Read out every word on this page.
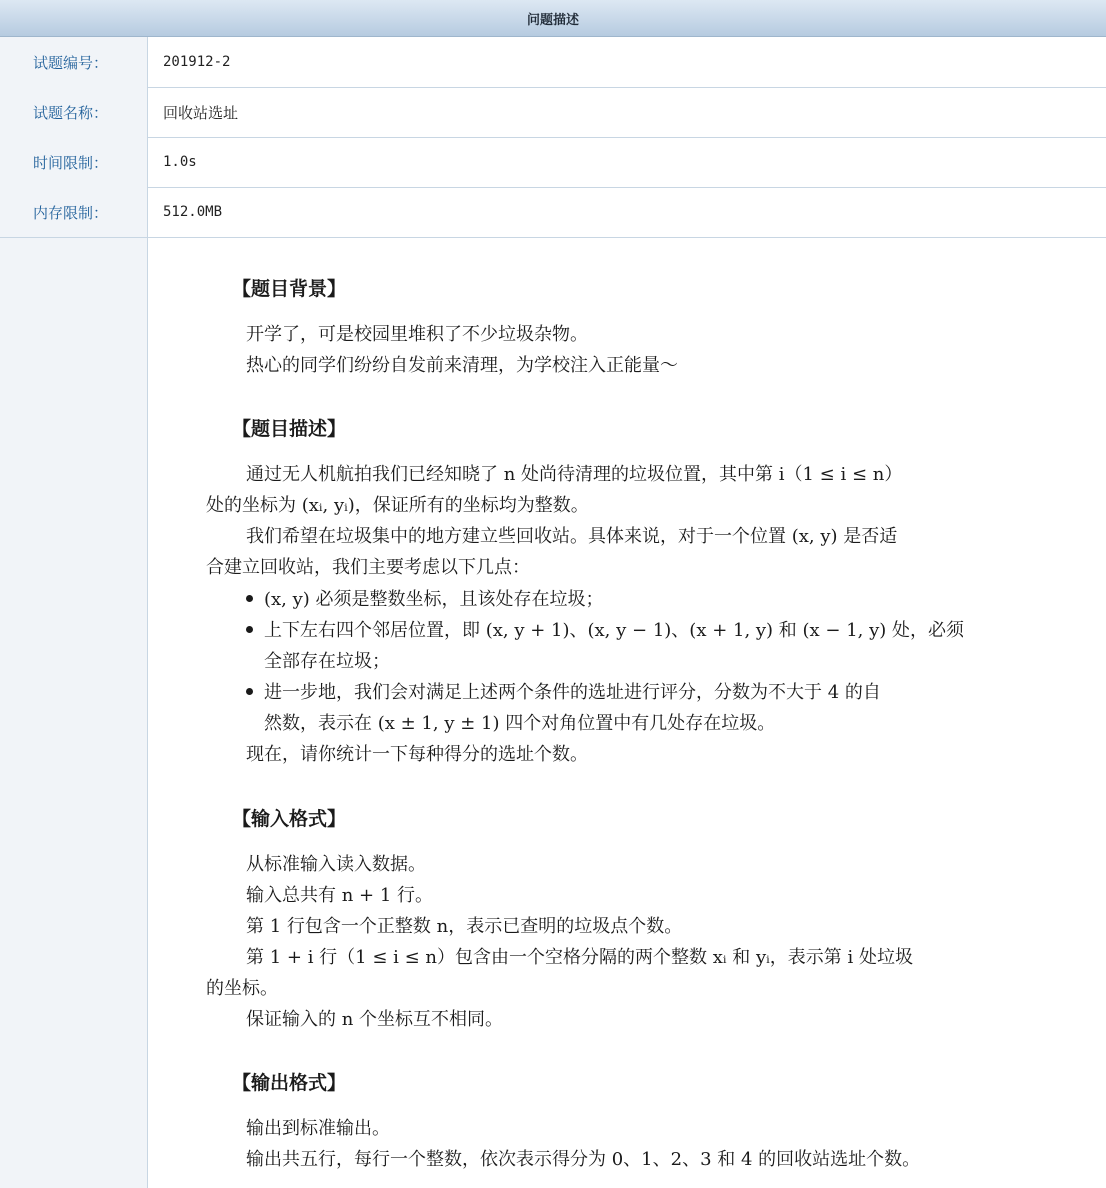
问题描述
试题编号：	201912-2
试题名称：	回收站选址
时间限制：	1.0s
内存限制：	512.0MB
【题目背景】
开学了，可是校园里堆积了不少垃圾杂物。
热心的同学们纷纷自发前来清理，为学校注入正能量～
【题目描述】
通过无人机航拍我们已经知晓了 n 处尚待清理的垃圾位置，其中第 i（1 ≤ i ≤ n）
处的坐标为 (xᵢ, yᵢ)，保证所有的坐标均为整数。
我们希望在垃圾集中的地方建立些回收站。具体来说，对于一个位置 (x, y) 是否适
合建立回收站，我们主要考虑以下几点：
(x, y) 必须是整数坐标，且该处存在垃圾；
上下左右四个邻居位置，即 (x, y + 1)、(x, y − 1)、(x + 1, y) 和 (x − 1, y) 处，必须
全部存在垃圾；
进一步地，我们会对满足上述两个条件的选址进行评分，分数为不大于 4 的自
然数，表示在 (x ± 1, y ± 1) 四个对角位置中有几处存在垃圾。
现在，请你统计一下每种得分的选址个数。
【输入格式】
从标准输入读入数据。
输入总共有 n + 1 行。
第 1 行包含一个正整数 n，表示已查明的垃圾点个数。
第 1 + i 行（1 ≤ i ≤ n）包含由一个空格分隔的两个整数 xᵢ 和 yᵢ，表示第 i 处垃圾
的坐标。
保证输入的 n 个坐标互不相同。
【输出格式】
输出到标准输出。
输出共五行，每行一个整数，依次表示得分为 0、1、2、3 和 4 的回收站选址个数。
